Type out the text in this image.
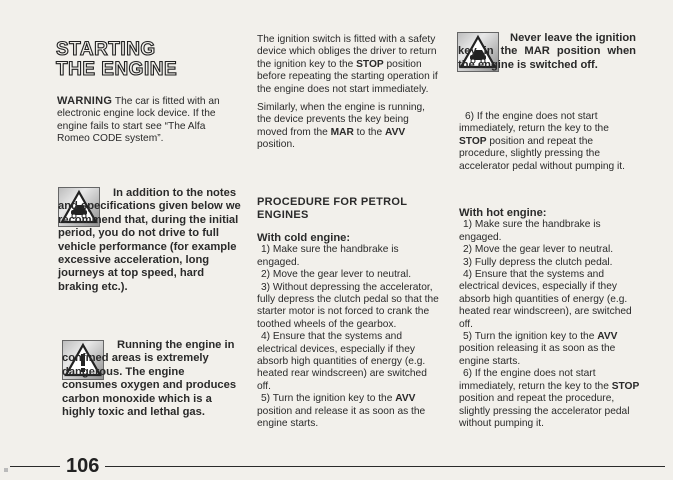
STARTING
THE ENGINE

WARNING The car is fitted with an electronic engine lock device. If the engine fails to start see “The Alfa Romeo CODE system”.

In addition to the notes and specifications given below we recommend that, during the initial period, you do not drive to full vehicle performance (for example excessive acceleration, long journeys at top speed, hard braking etc.).

Running the engine in confined areas is extremely dangerous. The engine consumes oxygen and produces carbon monoxide which is a highly toxic and lethal gas.

The ignition switch is fitted with a safety device which obliges the driver to return the ignition key to the STOP position before repeating the starting operation if the engine does not start immediately.

Similarly, when the engine is running, the device prevents the key being moved from the MAR to the AVV position.

PROCEDURE FOR PETROL ENGINES

With cold engine:

1) Make sure the handbrake is engaged.

2) Move the gear lever to neutral.

3) Without depressing the accelerator, fully depress the clutch pedal so that the starter motor is not forced to crank the toothed wheels of the gearbox.

4) Ensure that the systems and electrical devices, especially if they absorb high quantities of energy (e.g. heated rear windscreen) are switched off.

5) Turn the ignition key to the AVV position and release it as soon as the engine starts.

Never leave the ignition key in the MAR position when the engine is switched off.

6) If the engine does not start immediately, return the key to the STOP position and repeat the procedure, slightly pressing the accelerator pedal without pumping it.

With hot engine:

1) Make sure the handbrake is engaged.

2) Move the gear lever to neutral.

3) Fully depress the clutch pedal.

4) Ensure that the systems and electrical devices, especially if they absorb high quantities of energy (e.g. heated rear windscreen), are switched off.

5) Turn the ignition key to the AVV position releasing it as soon as the engine starts.

6) If the engine does not start immediately, return the key to the STOP position and repeat the procedure, slightly pressing the accelerator pedal without pumping it.

106
